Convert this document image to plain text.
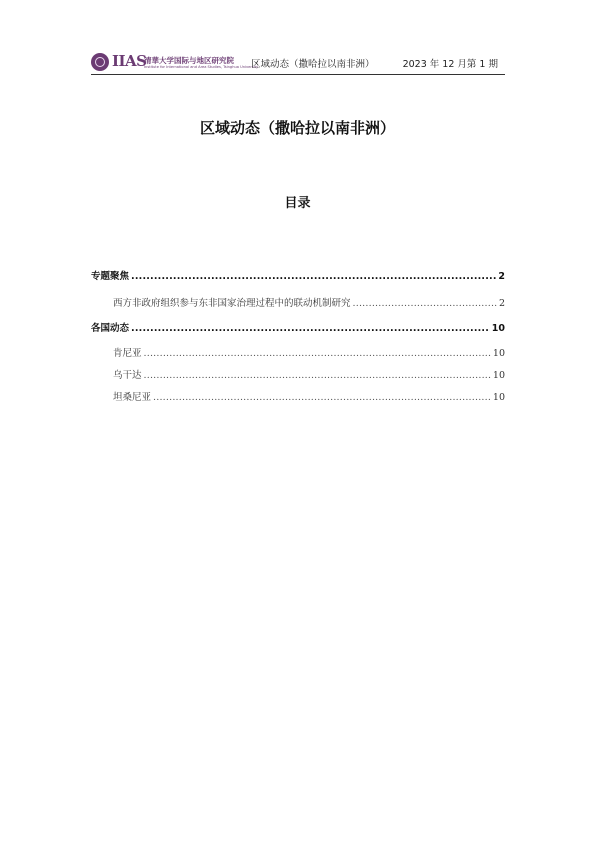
IIAS
清華大学国际与地区研究院
Institute for International and Area Studies, Tsinghua University
区域动态（撒哈拉以南非洲）	2023 年 12 月第 1 期
区域动态（撒哈拉以南非洲）
目录
专题聚焦 .....	2
西方非政府组织参与东非国家治理过程中的联动机制研究 .....	2
各国动态 .....	10
肯尼亚 .....	10
乌干达 .....	10
坦桑尼亚 .....	10
